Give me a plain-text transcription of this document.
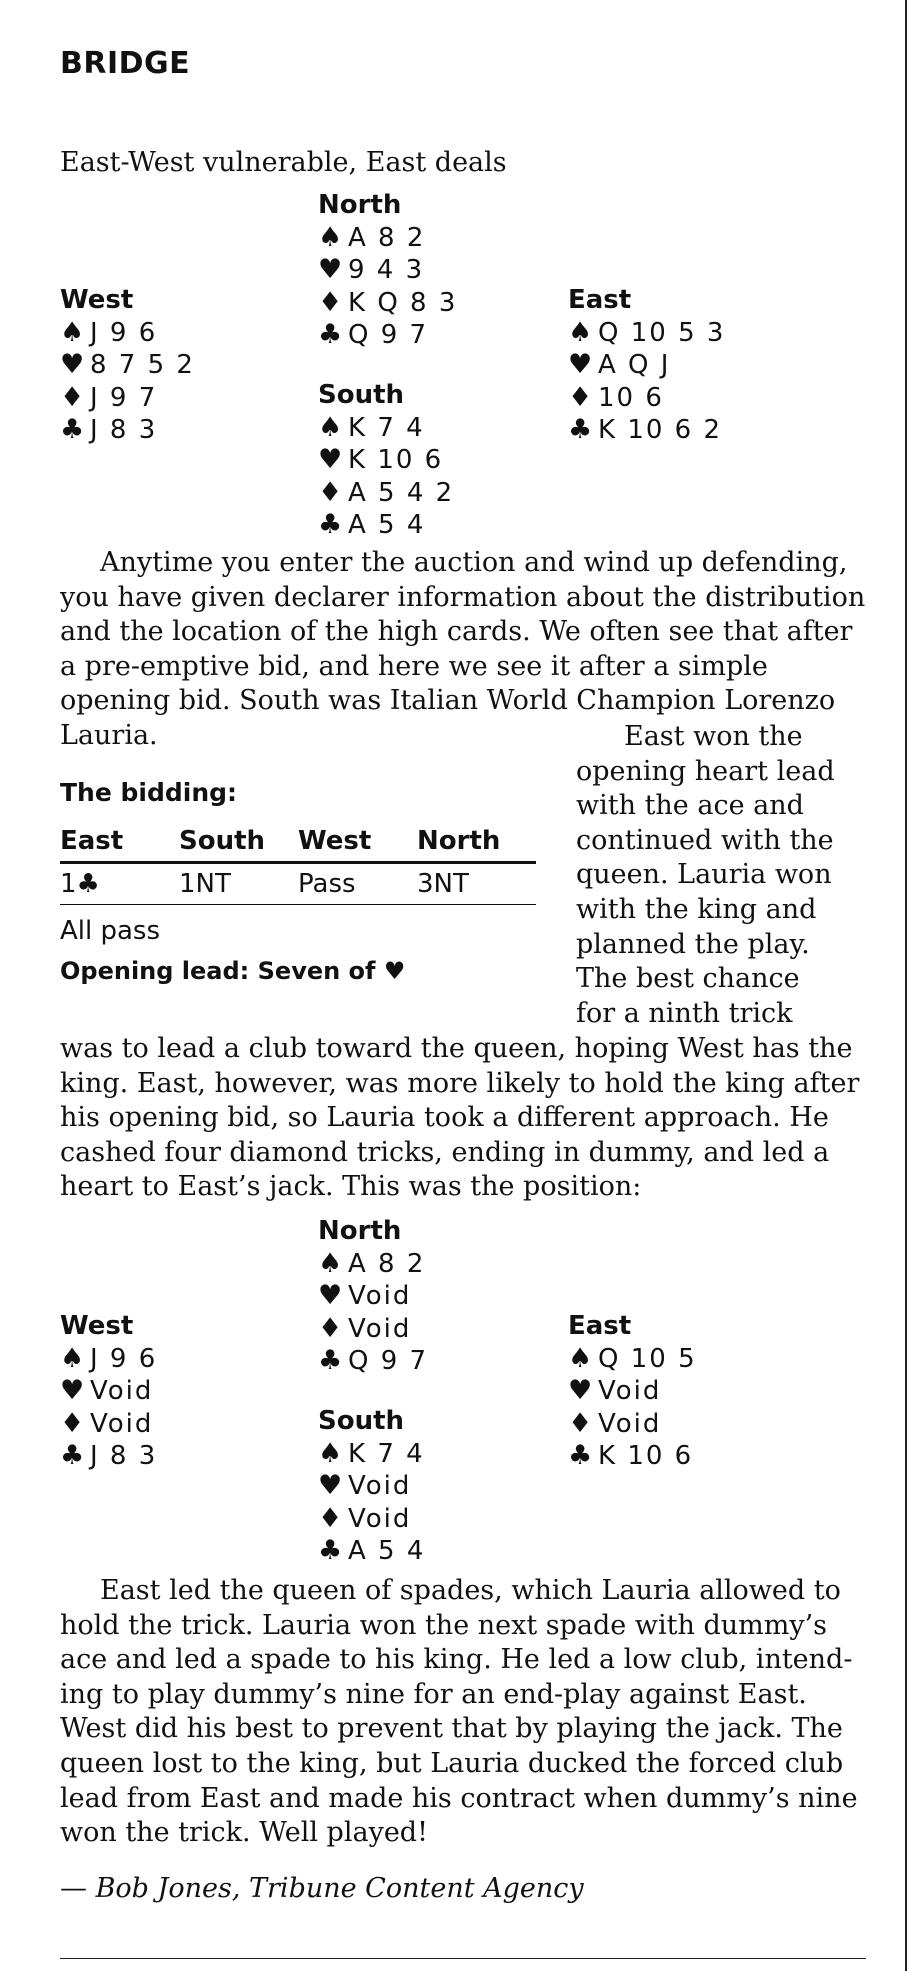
BRIDGE
East-West vulnerable, East deals
North
♠ A 8 2
♥ 9 4 3
♦ K Q 8 3
♣ Q 9 7
West
♠ J 9 6
♥ 8 7 5 2
♦ J 9 7
♣ J 8 3
East
♠ Q 10 5 3
♥ A Q J
♦ 10 6
♣ K 10 6 2
South
♠ K 7 4
♥ K 10 6
♦ A 5 4 2
♣ A 5 4

Anytime you enter the auction and wind up defending, you have given declarer information about the distribution and the location of the high cards. We often see that after a pre-emptive bid, and here we see it after a simple opening bid. South was Italian World Champion Lorenzo Lauria.

The bidding:
East	South	West	North
1♣	1NT	Pass	3NT
All pass
Opening lead: Seven of ♥
East won the
opening heart lead
with the ace and
continued with the
queen. Lauria won
with the king and
planned the play.
The best chance
for a ninth trick
was to lead a club toward the queen, hoping West has the
king. East, however, was more likely to hold the king after
his opening bid, so Lauria took a different approach. He
cashed four diamond tricks, ending in dummy, and led a
heart to East’s jack. This was the position:
North
♠ A 8 2
♥ Void
♦ Void
♣ Q 9 7
West
♠ J 9 6
♥ Void
♦ Void
♣ J 8 3
East
♠ Q 10 5
♥ Void
♦ Void
♣ K 10 6
South
♠ K 7 4
♥ Void
♦ Void
♣ A 5 4
East led the queen of spades, which Lauria allowed to
hold the trick. Lauria won the next spade with dummy’s
ace and led a spade to his king. He led a low club, intend-
ing to play dummy’s nine for an end-play against East.
West did his best to prevent that by playing the jack. The
queen lost to the king, but Lauria ducked the forced club
lead from East and made his contract when dummy’s nine
won the trick. Well played!
— Bob Jones, Tribune Content Agency
